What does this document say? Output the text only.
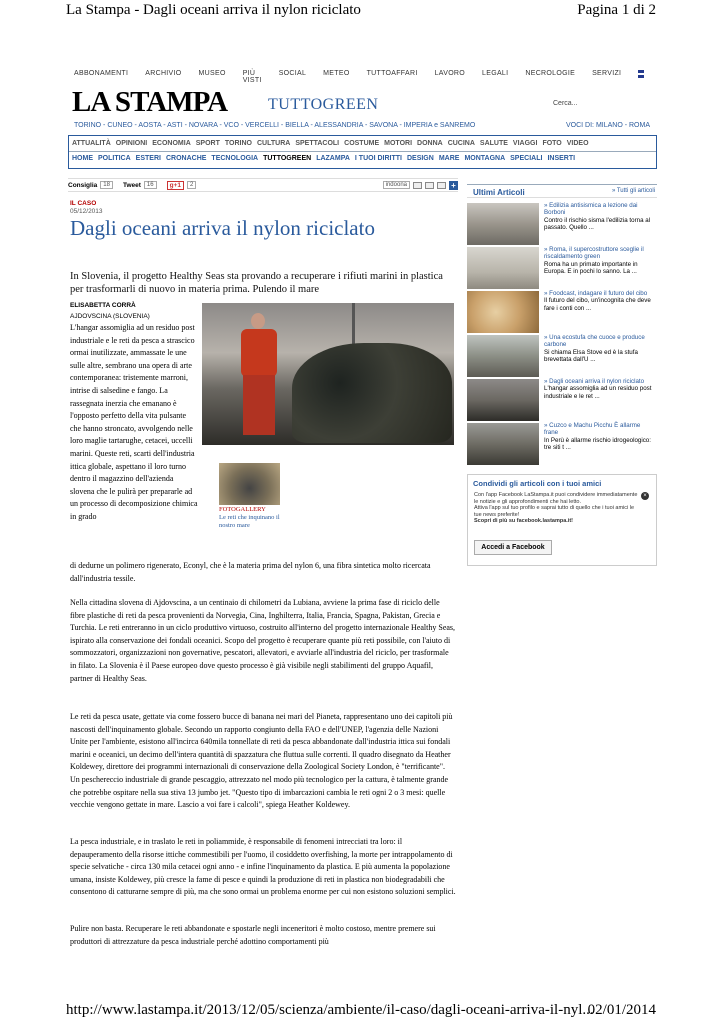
La Stampa - Dagli oceani arriva il nylon riciclato	Pagina 1 di 2
ABBONAMENTI ARCHIVIO MUSEO PIÙ VISTI
SOCIAL METEO TUTTOAFFARI LAVORO LEGALI NECROLOGIE SERVIZI
LA STAMPA	TUTTOGREEN	Cerca...
TORINO - CUNEO - AOSTA - ASTI - NOVARA - VCO - VERCELLI - BIELLA - ALESSANDRIA - SAVONA - IMPERIA e SANREMO	VOCI DI: MILANO - ROMA
ATTUALITÀ OPINIONI ECONOMIA SPORT TORINO CULTURA SPETTACOLI COSTUME MOTORI DONNA CUCINA SALUTE VIAGGI FOTO VIDEO
HOME POLITICA ESTERI CRONACHE TECNOLOGIA TUTTOGREEN LAZAMPA I TUOI DIRITTI DESIGN MARE MONTAGNA SPECIALI INSERTI
Consiglia	18	Tweet	16	g+1	2	indoona	+
IL CASO
05/12/2013
Dagli oceani arriva il nylon riciclato
In Slovenia, il progetto Healthy Seas sta provando a recuperare i rifiuti marini in plastica per trasformarli di nuovo in materia prima. Pulendo il mare
ELISABETTA CORRÀ
AJDOVSCINA (SLOVENIA)
L'hangar assomiglia ad un residuo post industriale e le reti da pesca a strascico ormai inutilizzate, ammassate le une sulle altre, sembrano una opera di arte contemporanea: tristemente marroni, intrise di salsedine e fango. La rassegnata inerzia che emanano è l'opposto perfetto della vita pulsante che hanno stroncato, avvolgendo nelle loro maglie tartarughe, cetacei, uccelli marini. Queste reti, scarti dell'industria ittica globale, aspettano il loro turno dentro il magazzino dell'azienda slovena che le pulirà per prepararle ad un processo di decomposizione chimica in grado
FOTOGALLERY
Le reti che inquinano il nostro mare
di dedurne un polimero rigenerato, Econyl, che è la materia prima del nylon 6, una fibra sintetica molto ricercata dall'industria tessile.
Nella cittadina slovena di Ajdovscina, a un centinaio di chilometri da Lubiana, avviene la prima fase di riciclo delle fibre plastiche di reti da pesca provenienti da Norvegia, Cina, Inghilterra, Italia, Francia, Spagna, Pakistan, Grecia e Turchia. Le reti entreranno in un ciclo produttivo virtuoso, costruito all'interno del progetto internazionale Healthy Seas, ispirato alla conservazione dei fondali oceanici. Scopo del progetto è recuperare quante più reti possibile, con l'aiuto di sommozzatori, organizzazioni non governative, pescatori, allevatori, e avviarle all'industria del riciclo, per trasformale in filato. La Slovenia è il Paese europeo dove questo processo è già visibile negli stabilimenti del gruppo Aquafil, partner di Healthy Seas.
Le reti da pesca usate, gettate via come fossero bucce di banana nei mari del Pianeta, rappresentano uno dei capitoli più nascosti dell'inquinamento globale. Secondo un rapporto congiunto della FAO e dell'UNEP, l'agenzia delle Nazioni Unite per l'ambiente, esistono all'incirca 640mila tonnellate di reti da pesca abbandonate dall'industria ittica sui fondali marini e oceanici, un decimo dell'intera quantità di spazzatura che fluttua sulle correnti. Il quadro disegnato da Heather Koldewey, direttore dei programmi internazionali di conservazione della Zoological Society London, è "terrificante". Un peschereccio industriale di grande pescaggio, attrezzato nel modo più tecnologico per la cattura, è talmente grande che potrebbe ospitare nella sua stiva 13 jumbo jet. "Questo tipo di imbarcazioni cambia le reti ogni 2 o 3 mesi: quelle vecchie vengono gettate in mare. Lascio a voi fare i calcoli", spiega Heather Koldewey.
La pesca industriale, e in traslato le reti in poliammide, è responsabile di fenomeni intrecciati tra loro: il depauperamento della risorse ittiche commestibili per l'uomo, il cosiddetto overfishing, la morte per intrappolamento di specie selvatiche - circa 130 mila cetacei ogni anno - e infine l'inquinamento da plastica. E più aumenta la popolazione umana, insiste Koldewey, più cresce la fame di pesce e quindi la produzione di reti in plastica non biodegradabili che consentono di catturarne sempre di più, ma che sono ormai un problema enorme per cui non esistono soluzioni semplici.
Pulire non basta. Recuperare le reti abbandonate e spostarle negli inceneritori è molto costoso, mentre premere sui produttori di attrezzature da pesca industriale perché adottino comportamenti più
Ultimi Articoli	» Tutti gli articoli
» Edilizia antisismica a lezione dai Borboni
Contro il rischio sisma l'edilizia torna al passato. Quello ...
» Roma, il supercostruttore sceglie il riscaldamento green
Roma ha un primato importante in Europa. E in pochi lo sanno. La ...
» Foodcast, indagare il futuro del cibo
Il futuro del cibo, un'incognita che deve fare i conti con ...
» Una ecostufa che cuoce e produce carbone
Si chiama Elsa Stove ed è la stufa brevettata dall'U ...
» Dagli oceani arriva il nylon riciclato
L'hangar assomiglia ad un residuo post industriale e le ret ...
» Cuzco e Machu Picchu È allarme frane
In Perù è allarme rischio idrogeologico: tre siti t ...
Condividi gli articoli con i tuoi amici
×
Con l'app Facebook LaStampa.it puoi condividere immediatamente le notizie e gli approfondimenti che hai letto.
Attiva l'app sul tuo profilo e saprai tutto di quello che i tuoi amici le tue news preferite!
Scopri di più su facebook.lastampa.it!
Accedi a Facebook
http://www.lastampa.it/2013/12/05/scienza/ambiente/il-caso/dagli-oceani-arriva-il-nyl...
02/01/2014
